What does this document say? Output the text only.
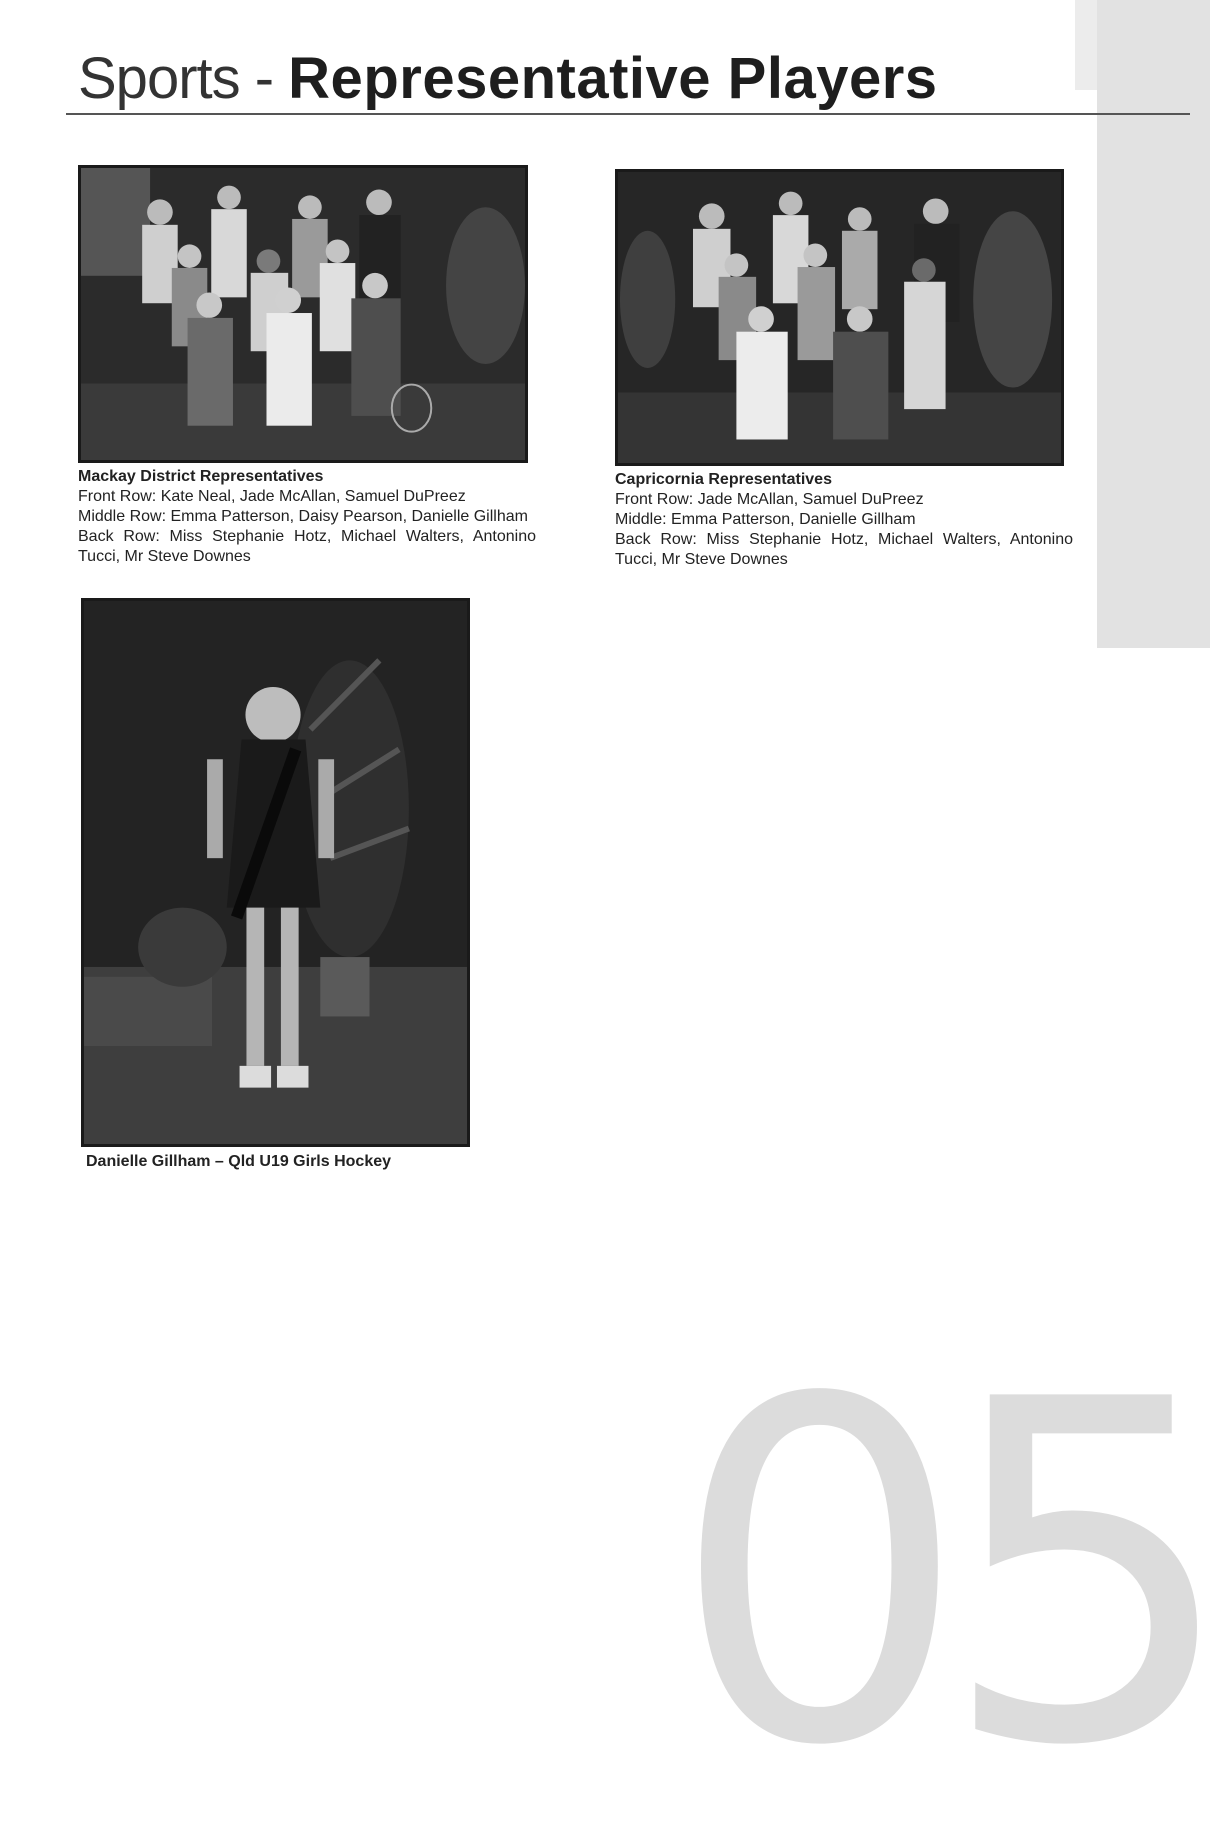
Sports - Representative Players
Mackay District Representatives
Front Row: Kate Neal, Jade McAllan, Samuel DuPreez
Middle Row: Emma Patterson, Daisy Pearson, Danielle Gillham
Back Row: Miss Stephanie Hotz, Michael Walters, Antonino Tucci, Mr Steve Downes
Capricornia Representatives
Front Row: Jade McAllan, Samuel DuPreez
Middle: Emma Patterson, Danielle Gillham
Back Row: Miss Stephanie Hotz, Michael Walters, Antonino Tucci, Mr Steve Downes
Danielle Gillham – Qld U19 Girls Hockey
05
